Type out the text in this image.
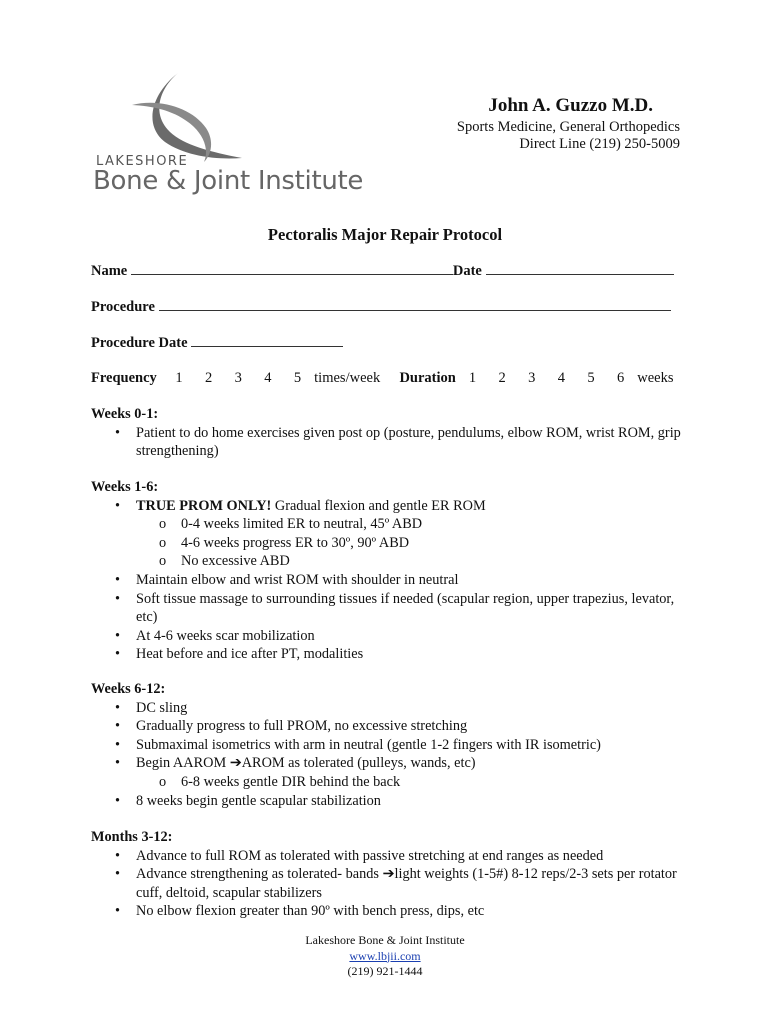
LAKESHORE
Bone & Joint Institute
John A. Guzzo M.D.
Sports Medicine, General Orthopedics
Direct Line (219) 250-5009
Pectoralis Major Repair Protocol
Name	Date
Procedure
Procedure Date
Frequency 1 2 3 4 5 times/week Duration 1 2 3 4 5 6 weeks
Weeks 0-1:
• Patient to do home exercises given post op (posture, pendulums, elbow ROM, wrist ROM, grip strengthening)
Weeks 1-6:
• TRUE PROM ONLY! Gradual flexion and gentle ER ROM
o 0-4 weeks limited ER to neutral, 45º ABD
o 4-6 weeks progress ER to 30º, 90º ABD
o No excessive ABD
• Maintain elbow and wrist ROM with shoulder in neutral
• Soft tissue massage to surrounding tissues if needed (scapular region, upper trapezius, levator, etc)
• At 4-6 weeks scar mobilization
• Heat before and ice after PT, modalities
Weeks 6-12:
• DC sling
• Gradually progress to full PROM, no excessive stretching
• Submaximal isometrics with arm in neutral (gentle 1-2 fingers with IR isometric)
• Begin AAROM ➔AROM as tolerated (pulleys, wands, etc)
o 6-8 weeks gentle DIR behind the back
• 8 weeks begin gentle scapular stabilization
Months 3-12:
• Advance to full ROM as tolerated with passive stretching at end ranges as needed
• Advance strengthening as tolerated- bands ➔light weights (1-5#) 8-12 reps/2-3 sets per rotator cuff, deltoid, scapular stabilizers
• No elbow flexion greater than 90º with bench press, dips, etc
Lakeshore Bone & Joint Institute
www.lbjii.com
(219) 921-1444
